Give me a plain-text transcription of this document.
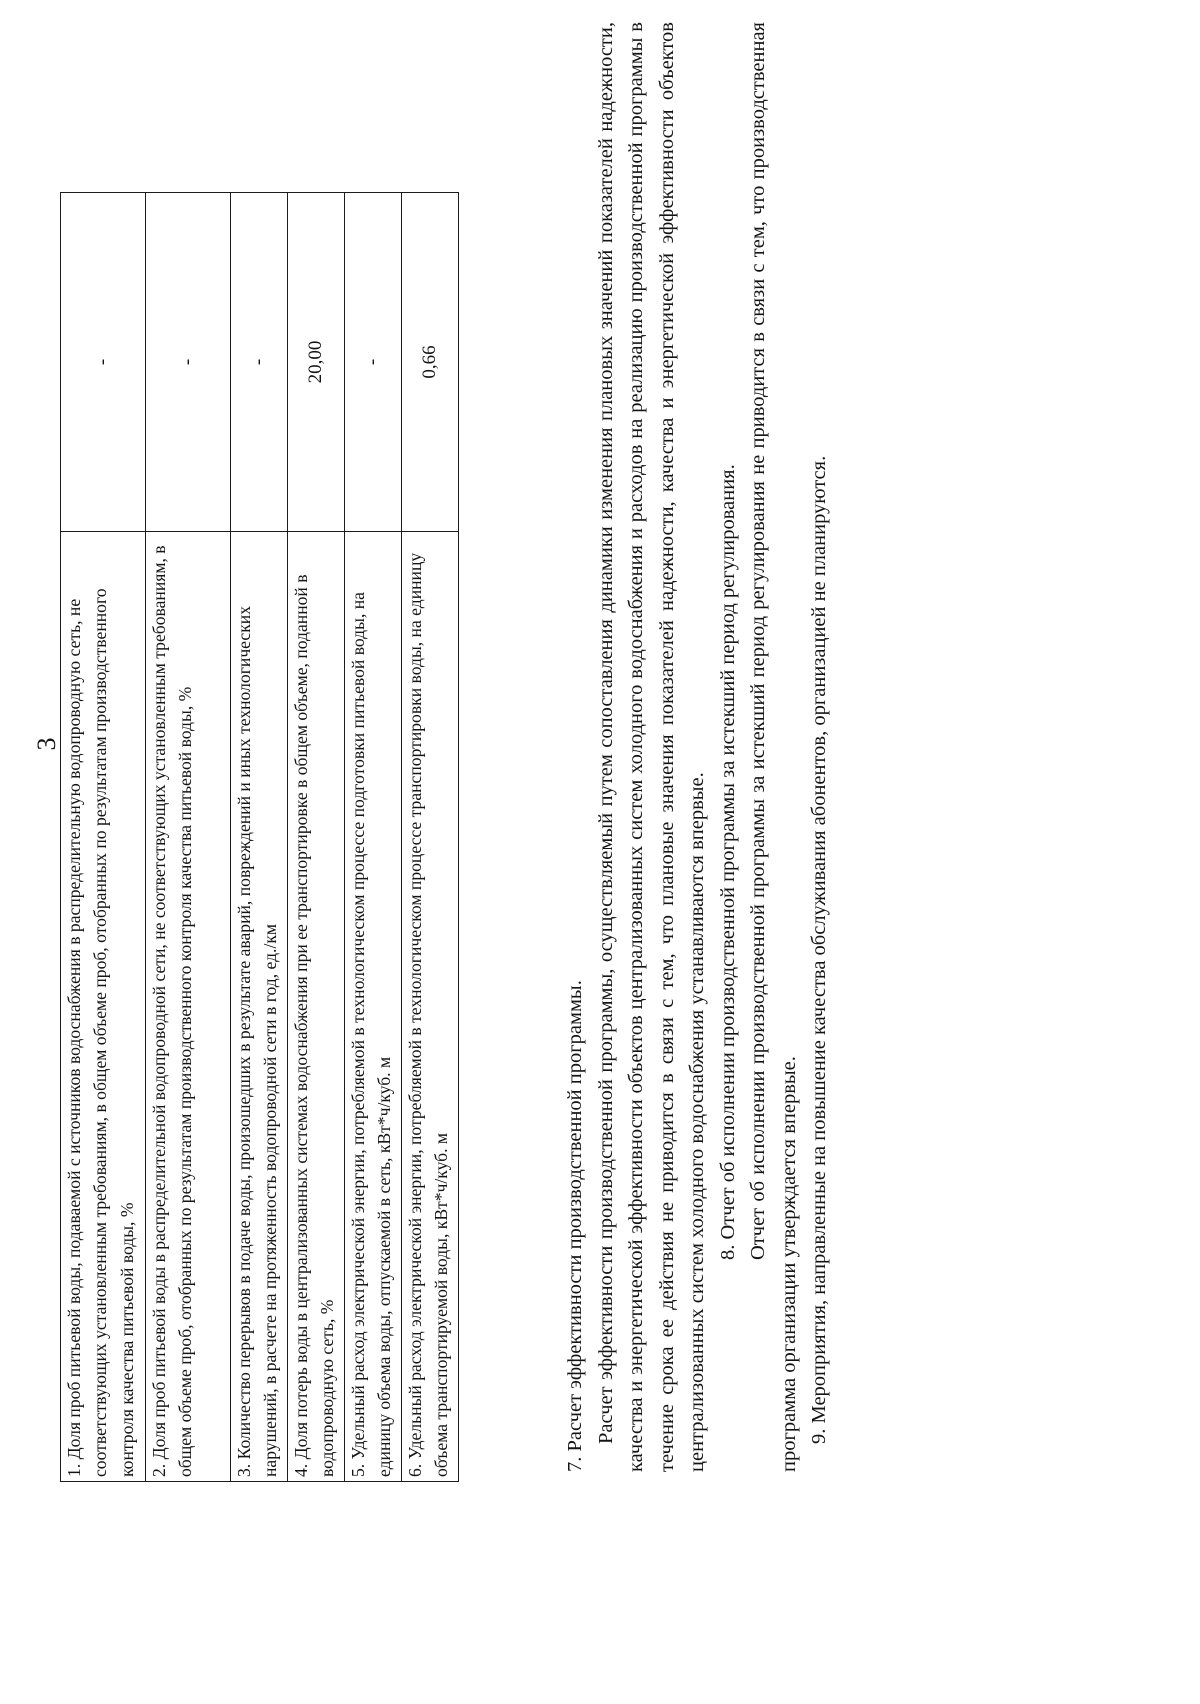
3 1. Доля проб питьевой воды, подаваемой с источников водоснабжения в распределительную водопроводную сеть, не соответствующих установленным требованиям, в общем объеме проб, отобранных по результатам производственного контроля качества питьевой воды, %	-
2. Доля проб питьевой воды в распределительной водопроводной сети, не соответствующих установленным требованиям, в общем объеме проб, отобранных по результатам производственного контроля качества питьевой воды, %	-
3. Количество перерывов в подаче воды, произошедших в результате аварий, повреждений и иных технологических нарушений, в расчете на протяженность водопроводной сети в год, ед./км	-
4. Доля потерь воды в централизованных системах водоснабжения при ее транспортировке в общем объеме, поданной в водопроводную сеть, %	20,00
5. Удельный расход электрической энергии, потребляемой в технологическом процессе подготовки питьевой воды, на единицу объема воды, отпускаемой в сеть, кВт*ч/куб. м	-
6. Удельный расход электрической энергии, потребляемой в технологическом процессе транспортировки воды, на единицу объема транспортируемой воды, кВт*ч/куб. м	0,66

7. Расчет эффективности производственной программы. Расчет эффективности производственной программы, осуществляемый путем сопоставления динамики изменения плановых значений показателей надежности, качества и энергетической эффективности объектов централизованных систем холодного водоснабжения и расходов на реализацию производственной программы в течение срока ее действия не приводится в связи с тем, что плановые значения показателей надежности, качества и энергетической эффективности объектов централизованных систем холодного водоснабжения устанавливаются впервые. 8. Отчет об исполнении производственной программы за истекший период регулирования. Отчет об исполнении производственной программы за истекший период регулирования не приводится в связи с тем, что производственная программа организации утверждается впервые. 9. Мероприятия, направленные на повышение качества обслуживания абонентов, организацией не планируются.
